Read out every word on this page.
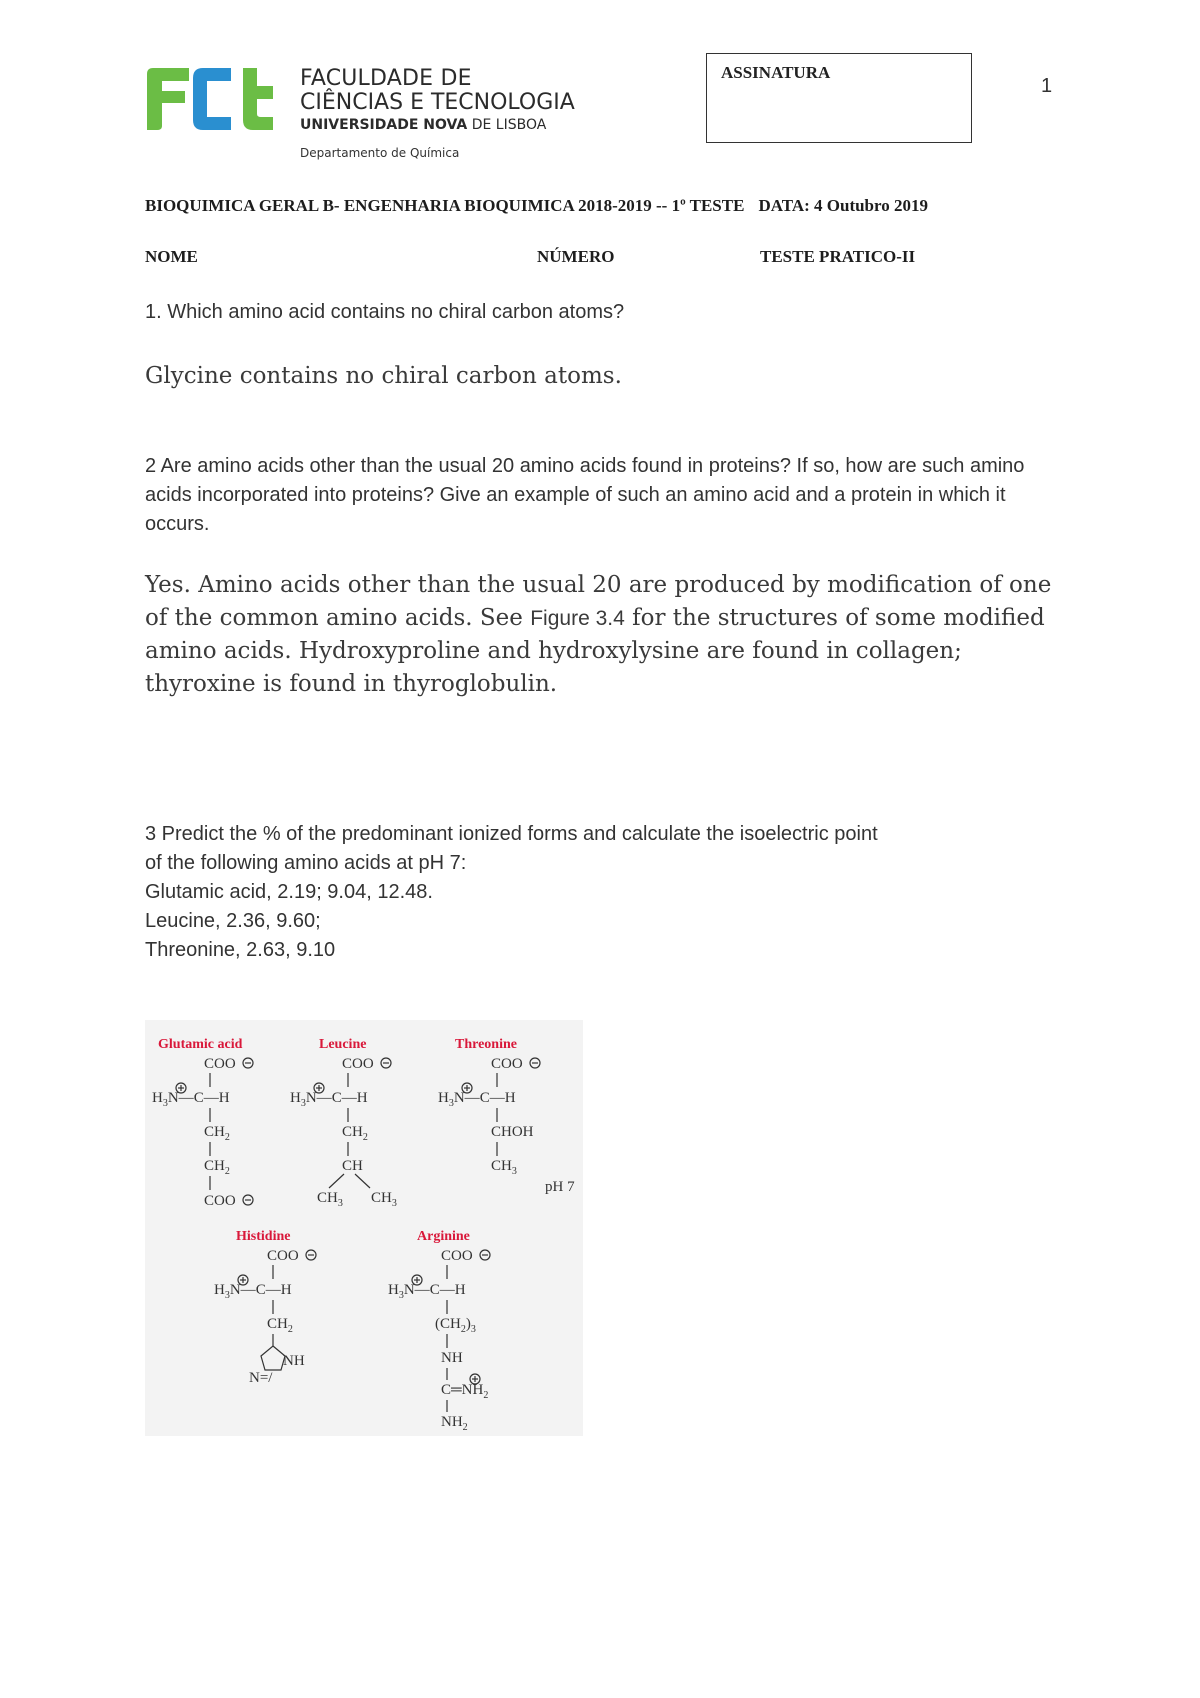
FACULDADE DE
CIÊNCIAS E TECNOLOGIA
UNIVERSIDADE NOVA DE LISBOA
Departamento de Química
ASSINATURA
1
BIOQUIMICA GERAL B- ENGENHARIA BIOQUIMICA 2018-2019 -- 1º TESTE DATA: 4 Outubro 2019
NOME	NÚMERO	TESTE PRATICO-II
1. Which amino acid contains no chiral carbon atoms?
Glycine contains no chiral carbon atoms.
2 Are amino acids other than the usual 20 amino acids found in proteins? If so, how are such amino acids incorporated into proteins? Give an example of such an amino acid and a protein in which it occurs.
Yes. Amino acids other than the usual 20 are produced by modification of one of the common amino acids. See Figure 3.4 for the structures of some modified amino acids. Hydroxyproline and hydroxylysine are found in collagen; thyroxine is found in thyroglobulin.
3 Predict the % of the predominant ionized forms and calculate the isoelectric point
of the following amino acids at pH 7:
Glutamic acid, 2.19; 9.04, 12.48.
Leucine, 2.36, 9.60;
Threonine, 2.63, 9.10
Glutamic acid
COO
$H_3N—C—H$
$CH_2$
$CH_2$
COO
Leucine
COO
$H_3N—C—H$
$CH_2$
CH
$CH_3$ $CH_3$
Threonine
COO
$H_3N—C—H$
CHOH
$CH_3$
pH 7
Histidine
COO
$H_3N—C—H$
$CH_2$
NH
N=/
Arginine
COO
$H_3N—C—H$
$(CH_2)_3$
NH
$C═NH_2$
$NH_2$
